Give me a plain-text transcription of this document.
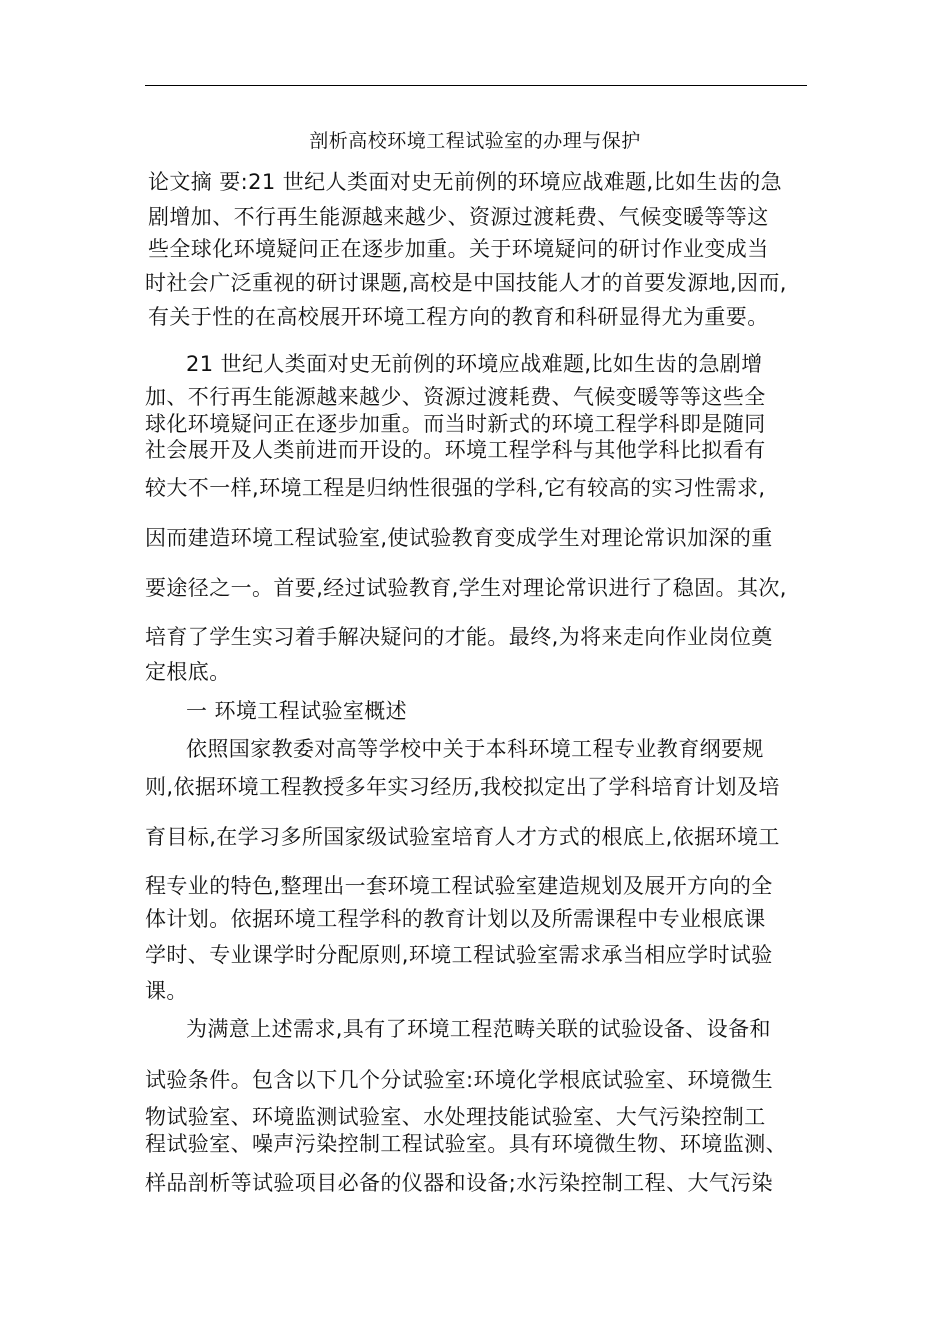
剖析高校环境工程试验室的办理与保护
论文摘 要:21 世纪人类面对史无前例的环境应战难题,比如生齿的急
剧增加、不行再生能源越来越少、资源过渡耗费、气候变暖等等这
些全球化环境疑问正在逐步加重。关于环境疑问的研讨作业变成当
时社会广泛重视的研讨课题,高校是中国技能人才的首要发源地,因而,
有关于性的在高校展开环境工程方向的教育和科研显得尤为重要。
21 世纪人类面对史无前例的环境应战难题,比如生齿的急剧增
加、不行再生能源越来越少、资源过渡耗费、气候变暖等等这些全
球化环境疑问正在逐步加重。而当时新式的环境工程学科即是随同
社会展开及人类前进而开设的。环境工程学科与其他学科比拟看有
较大不一样,环境工程是归纳性很强的学科,它有较高的实习性需求,
因而建造环境工程试验室,使试验教育变成学生对理论常识加深的重
要途径之一。首要,经过试验教育,学生对理论常识进行了稳固。其次,
培育了学生实习着手解决疑问的才能。最终,为将来走向作业岗位奠
定根底。
一 环境工程试验室概述
依照国家教委对高等学校中关于本科环境工程专业教育纲要规
则,依据环境工程教授多年实习经历,我校拟定出了学科培育计划及培
育目标,在学习多所国家级试验室培育人才方式的根底上,依据环境工
程专业的特色,整理出一套环境工程试验室建造规划及展开方向的全
体计划。依据环境工程学科的教育计划以及所需课程中专业根底课
学时、专业课学时分配原则,环境工程试验室需求承当相应学时试验
课。
为满意上述需求,具有了环境工程范畴关联的试验设备、设备和
试验条件。包含以下几个分试验室:环境化学根底试验室、环境微生
物试验室、环境监测试验室、水处理技能试验室、大气污染控制工
程试验室、噪声污染控制工程试验室。具有环境微生物、环境监测、
样品剖析等试验项目必备的仪器和设备;水污染控制工程、大气污染
